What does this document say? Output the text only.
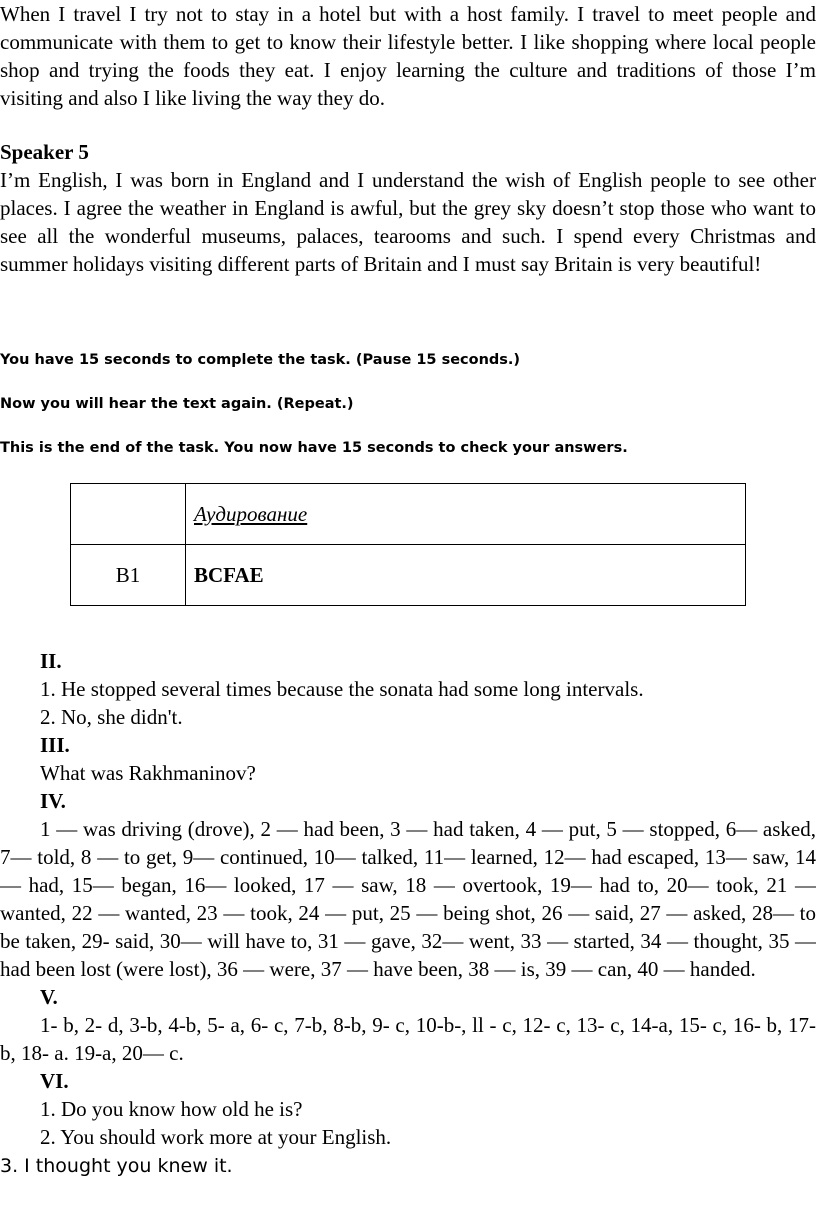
When I travel I try not to stay in a hotel but with a host family. I travel to meet people and communicate with them to get to know their lifestyle better. I like shopping where local people shop and trying the foods they eat. I enjoy learning the culture and traditions of those I’m visiting and also I like living the way they do.
Speaker 5
I’m English, I was born in England and I understand the wish of English people to see other places. I agree the weather in England is awful, but the grey sky doesn’t stop those who want to see all the wonderful museums, palaces, tearooms and such. I spend every Christmas and summer holidays visiting different parts of Britain and I must say Britain is very beautiful!
You have 15 seconds to complete the task. (Pause 15 seconds.)
Now you will hear the text again. (Repeat.)
This is the end of the task. You now have 15 seconds to check your answers.
	Аудирование
B1	BCFAE

II.

1. He stopped several times because the sonata had some long intervals.

2. No, she didn't.

III.

What was Rakhmaninov?

IV.

1 — was driving (drove), 2 — had been, 3 — had taken, 4 — put, 5 — stopped, 6— asked, 7— told, 8 — to get, 9— continued, 10— talked, 11— learned, 12— had escaped, 13— saw, 14— had, 15— began, 16— looked, 17 — saw, 18 — overtook, 19— had to, 20— took, 21 — wanted, 22 — wanted, 23 — took, 24 — put, 25 — being shot, 26 — said, 27 — asked, 28— to be taken, 29- said, 30— will have to, 31 — gave, 32— went, 33 — started, 34 — thought, 35 — had been lost (were lost), 36 — were, 37 — have been, 38 — is, 39 — can, 40 — handed.

V.

1- b, 2- d, 3-b, 4-b, 5- a, 6- c, 7-b, 8-b, 9- c, 10-b-, ll - c, 12- c, 13- c, 14-a, 15- c, 16- b, 17- b, 18- a. 19-a, 20— c.

VI.

1. Do you know how old he is?

2. You should work more at your English.

3. I thought you knew it.
